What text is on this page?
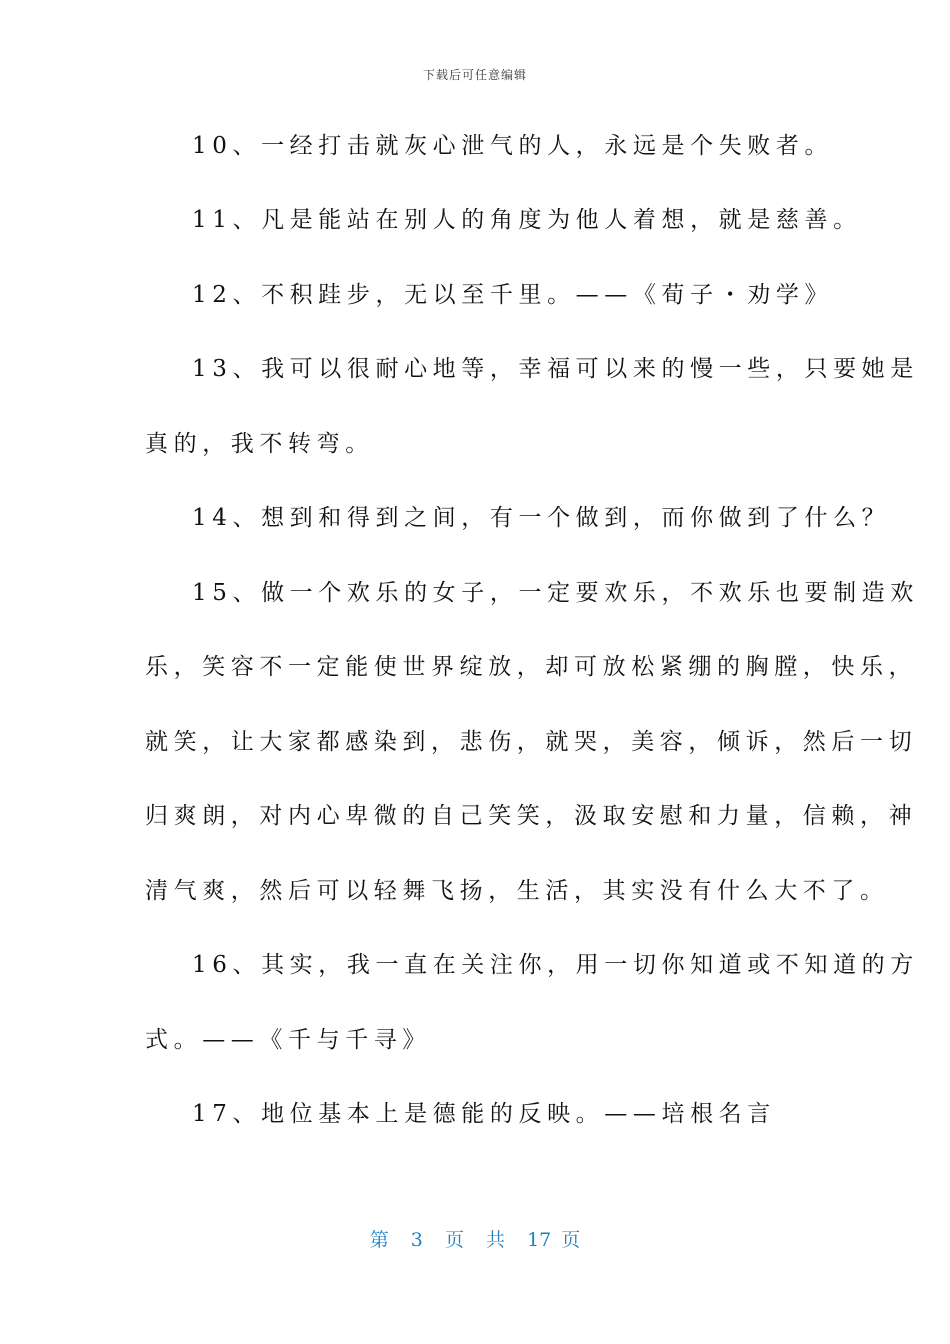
下载后可任意编辑
10、一经打击就灰心泄气的人，永远是个失败者。
11、凡是能站在别人的角度为他人着想，就是慈善。
12、不积跬步，无以至千里。——《荀子・劝学》
13、我可以很耐心地等，幸福可以来的慢一些，只要她是
真的，我不转弯。
14、想到和得到之间，有一个做到，而你做到了什么？
15、做一个欢乐的女子，一定要欢乐，不欢乐也要制造欢
乐，笑容不一定能使世界绽放，却可放松紧绷的胸膛，快乐，
就笑，让大家都感染到，悲伤，就哭，美容，倾诉，然后一切
归爽朗，对内心卑微的自己笑笑，汲取安慰和力量，信赖，神
清气爽，然后可以轻舞飞扬，生活，其实没有什么大不了。
16、其实，我一直在关注你，用一切你知道或不知道的方
式。——《千与千寻》
17、地位基本上是德能的反映。——培根名言
第 3 页 共 17 页
